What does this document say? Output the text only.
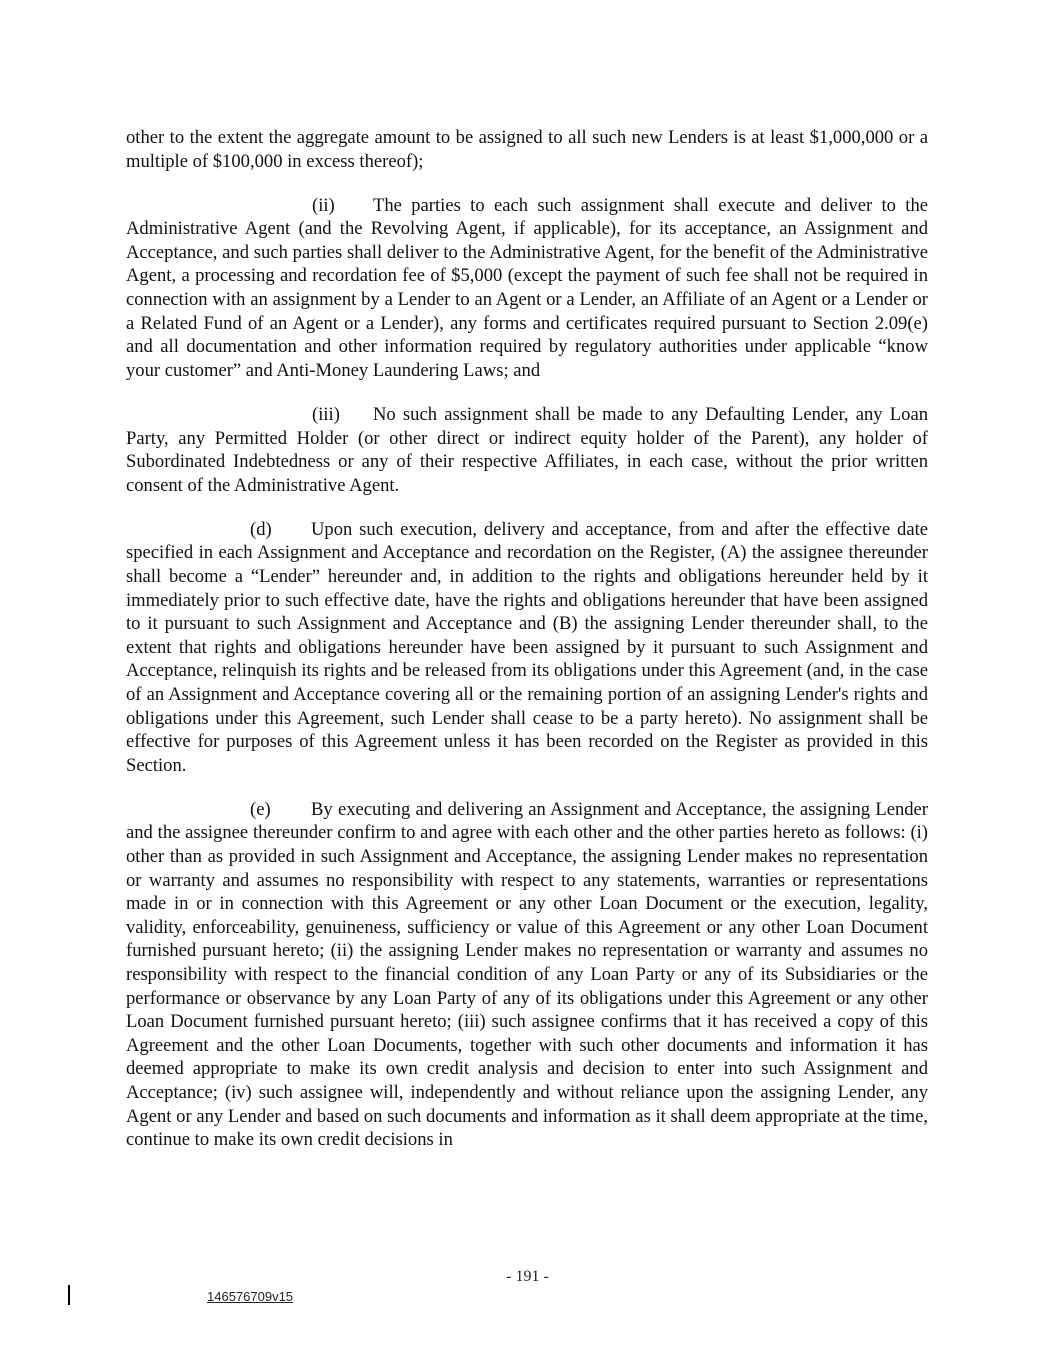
other to the extent the aggregate amount to be assigned to all such new Lenders is at least $1,000,000 or a multiple of $100,000 in excess thereof);

(ii) The parties to each such assignment shall execute and deliver to the Administrative Agent (and the Revolving Agent, if applicable), for its acceptance, an Assignment and Acceptance, and such parties shall deliver to the Administrative Agent, for the benefit of the Administrative Agent, a processing and recordation fee of $5,000 (except the payment of such fee shall not be required in connection with an assignment by a Lender to an Agent or a Lender, an Affiliate of an Agent or a Lender or a Related Fund of an Agent or a Lender), any forms and certificates required pursuant to Section 2.09(e) and all documentation and other information required by regulatory authorities under applicable “know your customer” and Anti-Money Laundering Laws; and

(iii) No such assignment shall be made to any Defaulting Lender, any Loan Party, any Permitted Holder (or other direct or indirect equity holder of the Parent), any holder of Subordinated Indebtedness or any of their respective Affiliates, in each case, without the prior written consent of the Administrative Agent.

(d) Upon such execution, delivery and acceptance, from and after the effective date specified in each Assignment and Acceptance and recordation on the Register, (A) the assignee thereunder shall become a “Lender” hereunder and, in addition to the rights and obligations hereunder held by it immediately prior to such effective date, have the rights and obligations hereunder that have been assigned to it pursuant to such Assignment and Acceptance and (B) the assigning Lender thereunder shall, to the extent that rights and obligations hereunder have been assigned by it pursuant to such Assignment and Acceptance, relinquish its rights and be released from its obligations under this Agreement (and, in the case of an Assignment and Acceptance covering all or the remaining portion of an assigning Lender's rights and obligations under this Agreement, such Lender shall cease to be a party hereto). No assignment shall be effective for purposes of this Agreement unless it has been recorded on the Register as provided in this Section.

(e) By executing and delivering an Assignment and Acceptance, the assigning Lender and the assignee thereunder confirm to and agree with each other and the other parties hereto as follows: (i) other than as provided in such Assignment and Acceptance, the assigning Lender makes no representation or warranty and assumes no responsibility with respect to any statements, warranties or representations made in or in connection with this Agreement or any other Loan Document or the execution, legality, validity, enforceability, genuineness, sufficiency or value of this Agreement or any other Loan Document furnished pursuant hereto; (ii) the assigning Lender makes no representation or warranty and assumes no responsibility with respect to the financial condition of any Loan Party or any of its Subsidiaries or the performance or observance by any Loan Party of any of its obligations under this Agreement or any other Loan Document furnished pursuant hereto; (iii) such assignee confirms that it has received a copy of this Agreement and the other Loan Documents, together with such other documents and information it has deemed appropriate to make its own credit analysis and decision to enter into such Assignment and Acceptance; (iv) such assignee will, independently and without reliance upon the assigning Lender, any Agent or any Lender and based on such documents and information as it shall deem appropriate at the time, continue to make its own credit decisions in

- 191 -
146576709v15
